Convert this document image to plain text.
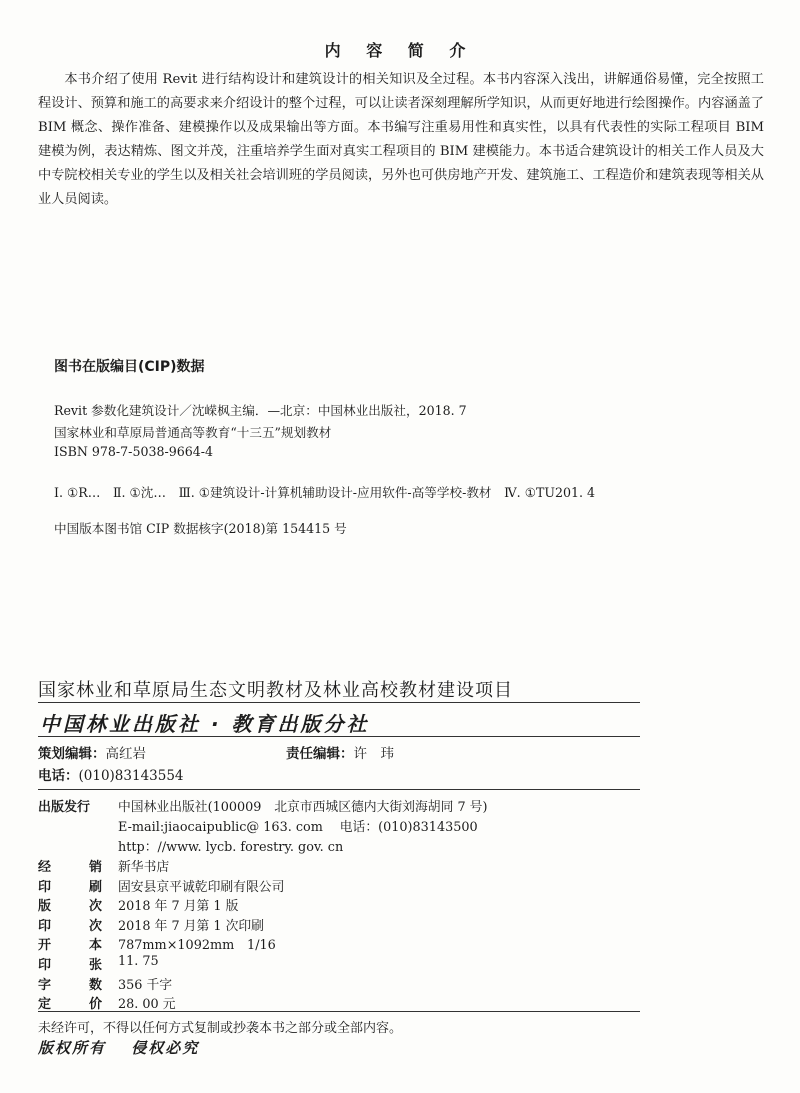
内 容 简 介

本书介绍了使用 Revit 进行结构设计和建筑设计的相关知识及全过程。本书内容深入浅出，讲解通俗易懂，完全按照工程设计、预算和施工的高要求来介绍设计的整个过程，可以让读者深刻理解所学知识，从而更好地进行绘图操作。内容涵盖了 BIM 概念、操作准备、建模操作以及成果输出等方面。本书编写注重易用性和真实性，以具有代表性的实际工程项目 BIM 建模为例，表达精炼、图文并茂，注重培养学生面对真实工程项目的 BIM 建模能力。本书适合建筑设计的相关工作人员及大中专院校相关专业的学生以及相关社会培训班的学员阅读，另外也可供房地产开发、建筑施工、工程造价和建筑表现等相关从业人员阅读。

图书在版编目(CIP)数据
Revit 参数化建筑设计／沈嵘枫主编．—北京：中国林业出版社，2018. 7
国家林业和草原局普通高等教育“十三五”规划教材
ISBN 978-7-5038-9664-4
Ⅰ. ①R…　Ⅱ. ①沈…　Ⅲ. ①建筑设计-计算机辅助设计-应用软件-高等学校-教材　Ⅳ. ①TU201. 4
中国版本图书馆 CIP 数据核字(2018)第 154415 号
国家林业和草原局生态文明教材及林业高校教材建设项目
中国林业出版社 · 教育出版分社
策划编辑：高红岩	责任编辑：许　玮
电话：(010)83143554
出版发行 中国林业出版社(100009　北京市西城区德内大街刘海胡同 7 号)
E-mail:jiaocaipublic@ 163. com　 电话：(010)83143500
http：//www. lycb. forestry. gov. cn
经销 新华书店
印刷 固安县京平诚乾印刷有限公司
版次 2018 年 7 月第 1 版
印次 2018 年 7 月第 1 次印刷
开本 787mm×1092mm　1/16
印张 11. 75
字数 356 千字
定价 28. 00 元
未经许可，不得以任何方式复制或抄袭本书之部分或全部内容。
版权所有 侵权必究
